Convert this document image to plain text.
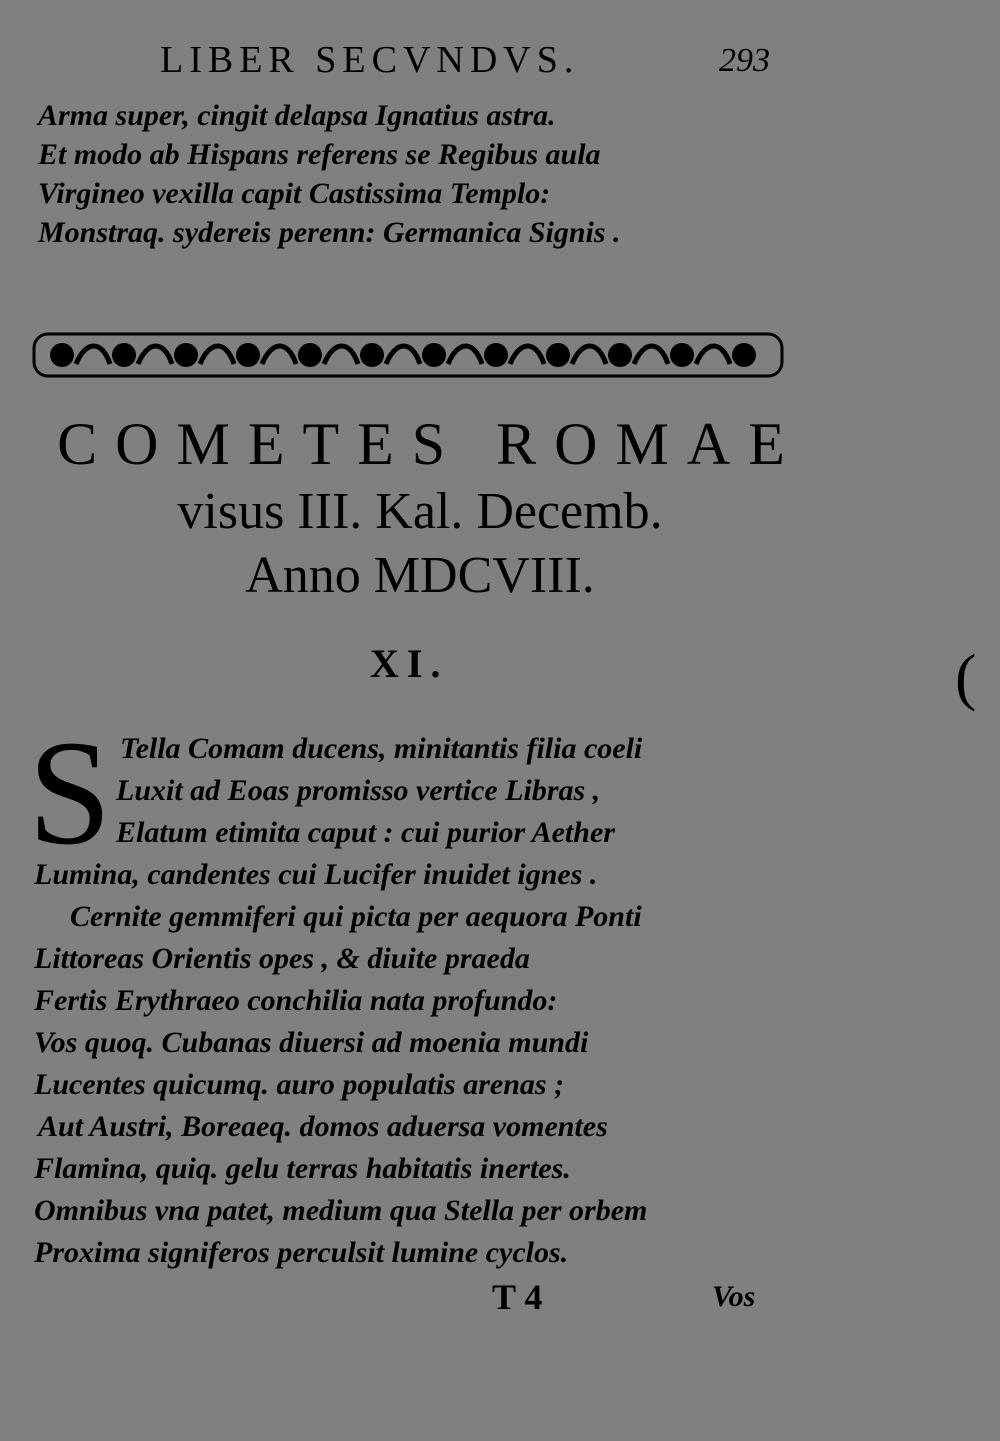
LIBER SECVNDVS.	293
Arma super, cingit delapsa Ignatius astra.
Et modo ab Hispans referens se Regibus aula
Virgineo vexilla capit Castissima Templo:
Monstraq. sydereis perenn: Germanica Signis .
COMETES ROMAE
visus III. Kal. Decemb.
Anno MDCVIII.
XI.	(
S Tella Comam ducens, minitantis filia coeli
Luxit ad Eoas promisso vertice Libras ,
Elatum etimita caput : cui purior Aether
Lumina, candentes cui Lucifer inuidet ignes .
Cernite gemmiferi qui picta per aequora Ponti
Littoreas Orientis opes , & diuite praeda
Fertis Erythraeo conchilia nata profundo:
Vos quoq. Cubanas diuersi ad moenia mundi
Lucentes quicumq. auro populatis arenas ;
Aut Austri, Boreaeq. domos aduersa vomentes
Flamina, quiq. gelu terras habitatis inertes.
Omnibus vna patet, medium qua Stella per orbem
Proxima signiferos perculsit lumine cyclos.
T 4	Vos
